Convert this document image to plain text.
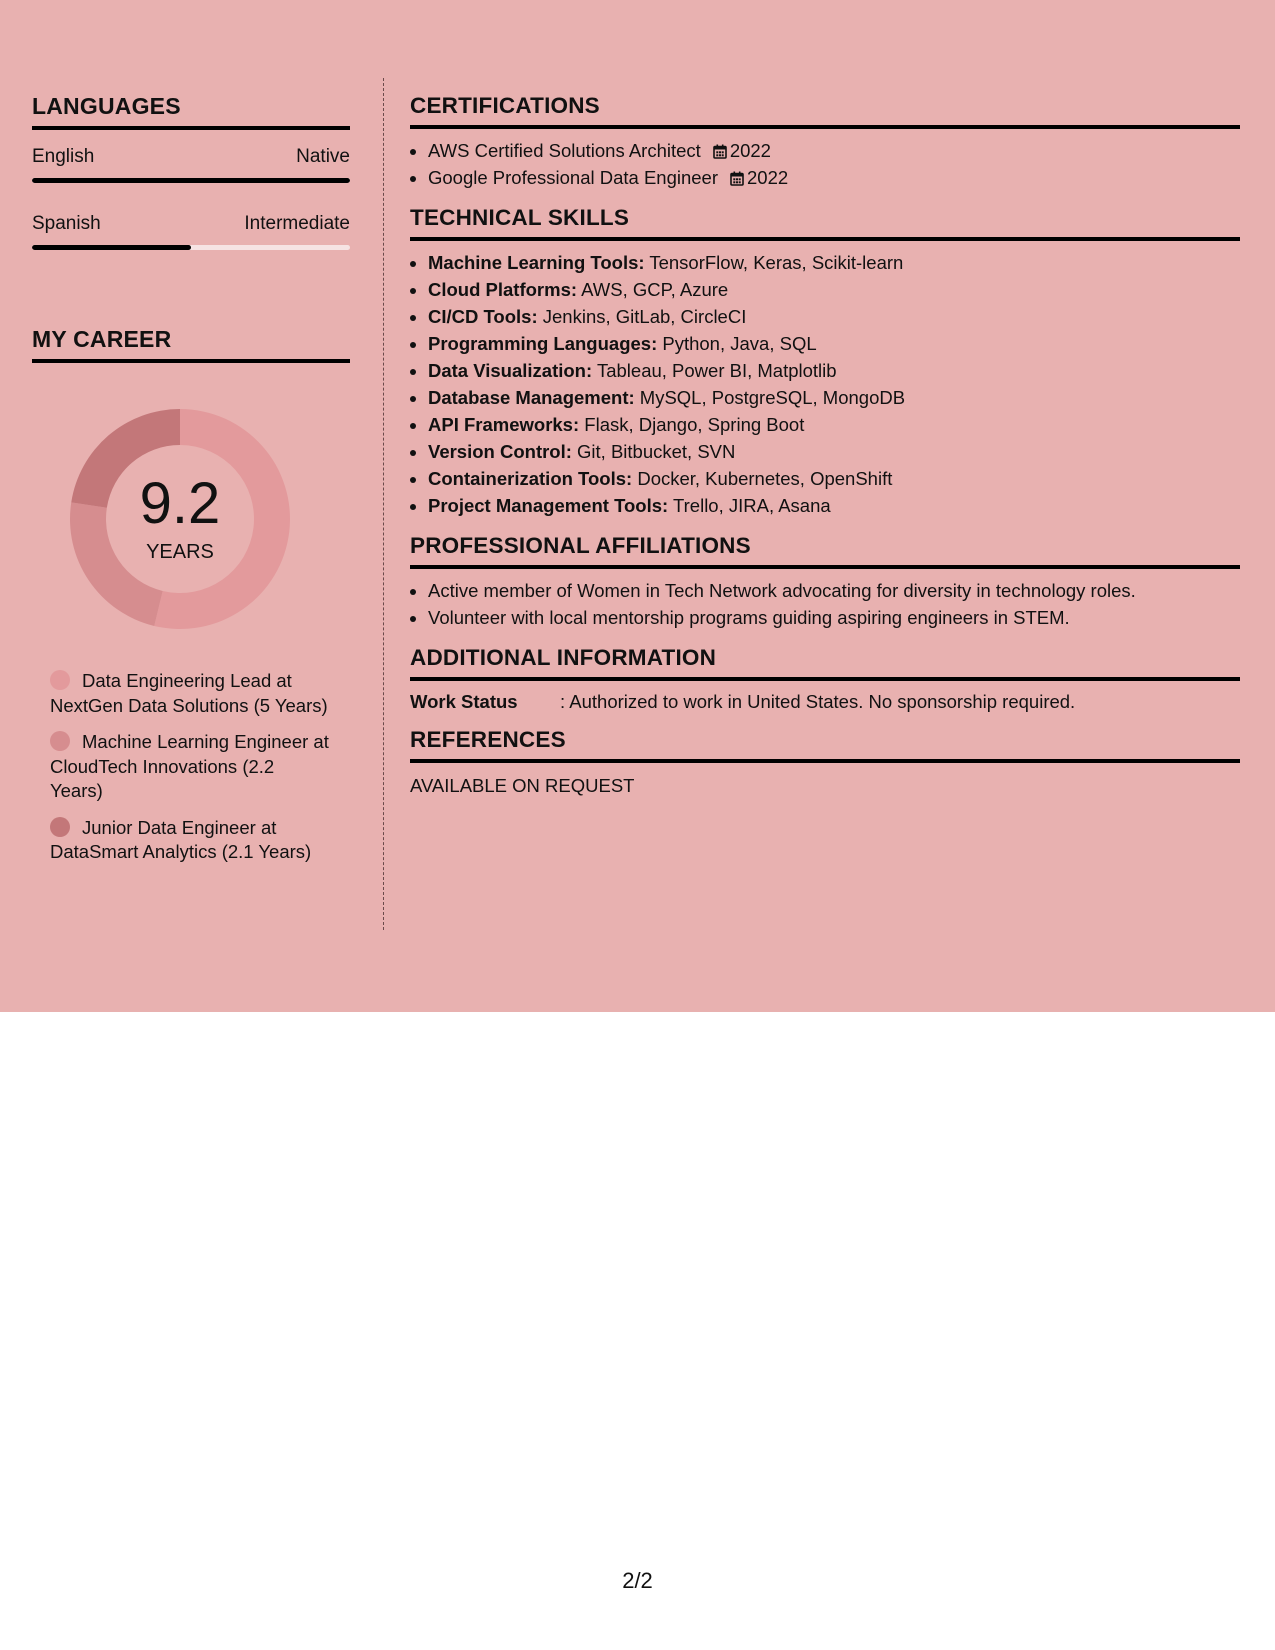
LANGUAGES
English	Native
Spanish	Intermediate
MY CAREER
9.2
YEARS
Data Engineering Lead at NextGen Data Solutions (5 Years)
Machine Learning Engineer at CloudTech Innovations (2.2 Years)
Junior Data Engineer at DataSmart Analytics (2.1 Years)
CERTIFICATIONS
• AWS Certified Solutions Architect 2022
• Google Professional Data Engineer 2022
TECHNICAL SKILLS
• Machine Learning Tools: TensorFlow, Keras, Scikit-learn
• Cloud Platforms: AWS, GCP, Azure
• CI/CD Tools: Jenkins, GitLab, CircleCI
• Programming Languages: Python, Java, SQL
• Data Visualization: Tableau, Power BI, Matplotlib
• Database Management: MySQL, PostgreSQL, MongoDB
• API Frameworks: Flask, Django, Spring Boot
• Version Control: Git, Bitbucket, SVN
• Containerization Tools: Docker, Kubernetes, OpenShift
• Project Management Tools: Trello, JIRA, Asana
PROFESSIONAL AFFILIATIONS
• Active member of Women in Tech Network advocating for diversity in technology roles.
• Volunteer with local mentorship programs guiding aspiring engineers in STEM.
ADDITIONAL INFORMATION
Work Status	: Authorized to work in United States. No sponsorship required.
REFERENCES
AVAILABLE ON REQUEST
2/2
